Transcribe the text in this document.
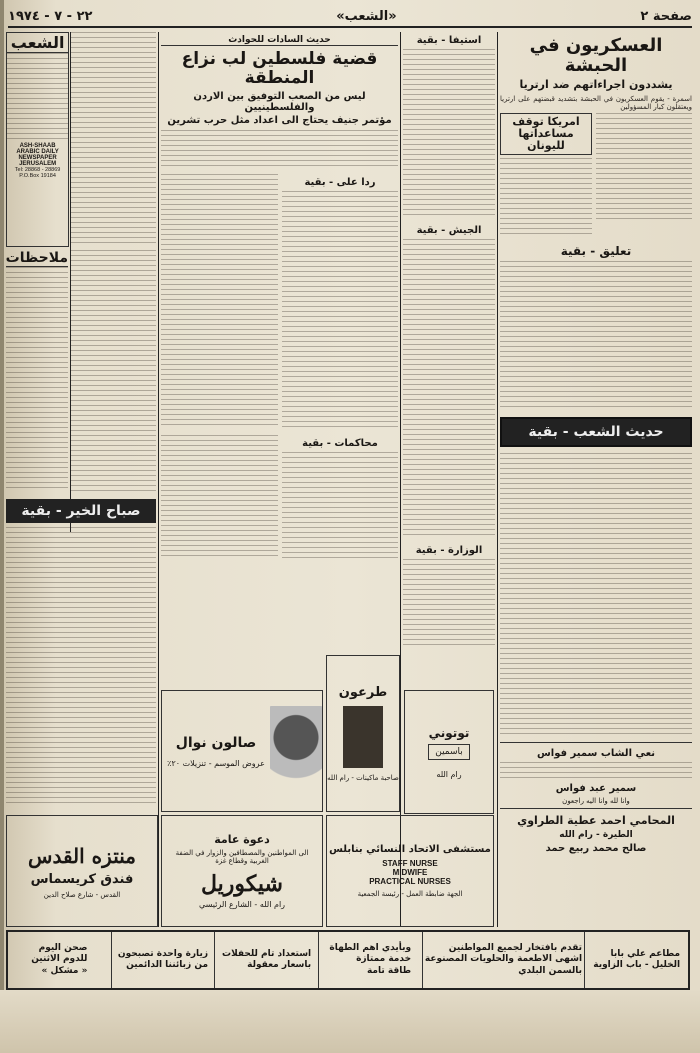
صفحة ٢
«الشعب»
٢٢ - ٧ - ١٩٧٤
العسكريون في الحبشة
يشددون اجراءاتهم ضد ارتريا
اسمرة - يقوم العسكريون في الحبشة بتشديد قبضتهم على ارتريا ويعتقلون كبار المسؤولين
امريكا توقف مساعداتها لليونان
تعليق - بقية
حديث الشعب - بقية
نعي الشاب سمير فواس
سمير عبد فواس
وانا لله وانا اليه راجعون
المحامي احمد عطية الطراوي
الطيرة - رام الله
صالح محمد ربيع حمد
استيفا - بقية
الجيش - بقية
الوزارة - بقية
توتوني
باسمين
رام الله
حديث السادات للحوادث
قضية فلسطين لب نزاع المنطقة
ليس من الصعب التوفيق بين الاردن والفلسطينيين
مؤتمر جنيف يحتاج الى اعداد مثل حرب تشرين
ردا على - بقية
محاكمات - بقية
طرعون
صاحبة ماكينات - رام الله
صالون نوال
عروض الموسم - تنزيلات ٢٠٪
دعوة عامة
الى المواطنين والمصطافين والزوار في الضفة الغربية وقطاع غزة
شيكوريل
رام الله - الشارع الرئيسي
مستشفى الاتحاد النسائي بنابلس
STAFF NURSE
MIDWIFE
PRACTICAL NURSES
الجهة ضابطة العمل - رئيسة الجمعية
الشعب
ASH-SHAAB
ARABIC DAILY
NEWSPAPER
JERUSALEM
Tel: 28868 - 28869
P.O.Box 19184
ملاحظات
صباح الخير - بقية
منتزه القدس
فندق كريسماس
القدس - شارع صلاح الدين
مطاعم علي بابا
الخليل - باب الزاوية
تقدم بافتخار لجميع المواطنين
اشهى الاطعمة والحلويات المصنوعة
بالسمن البلدي
وبأيدي اهم الطهاة
خدمة ممتازة
طاقة تامة
استعداد تام للحفلات
باسعار معقولة
زيارة واحدة تصبحون
من زبائننا الدائمين
صحن اليوم
للدوم الاثنين
« مشكل »
